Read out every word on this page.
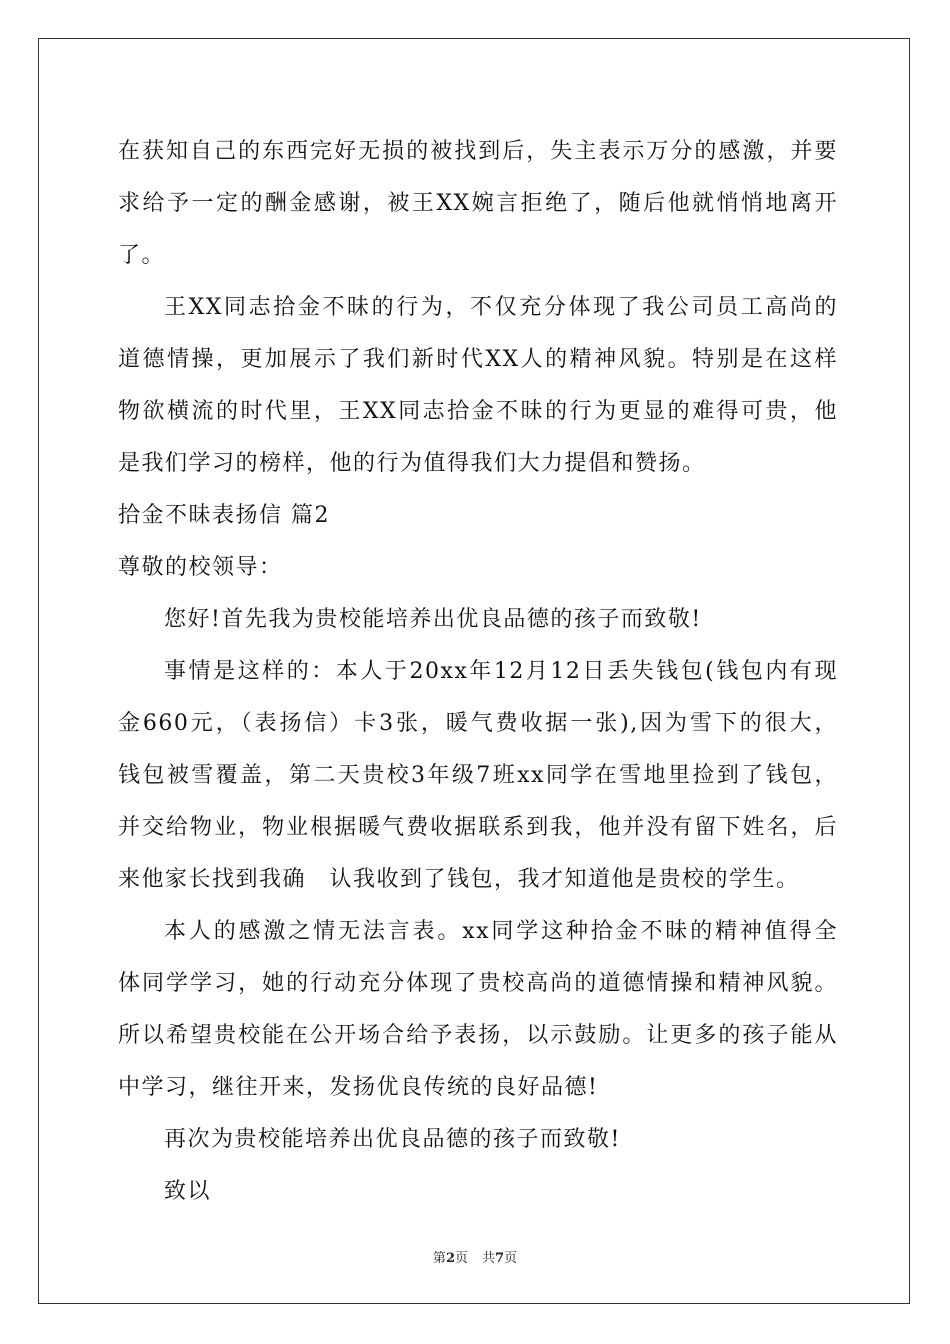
在获知自己的东西完好无损的被找到后，失主表示万分的感激，并要
求给予一定的酬金感谢，被王XX婉言拒绝了，随后他就悄悄地离开
了。
王XX同志拾金不昧的行为，不仅充分体现了我公司员工高尚的
道德情操，更加展示了我们新时代XX人的精神风貌。特别是在这样
物欲横流的时代里，王XX同志拾金不昧的行为更显的难得可贵，他
是我们学习的榜样，他的行为值得我们大力提倡和赞扬。
拾金不昧表扬信 篇2
尊敬的校领导：
您好!首先我为贵校能培养出优良品德的孩子而致敬!
事情是这样的：本人于20xx年12月12日丢失钱包(钱包内有现
金660元，（表扬信）卡3张，暖气费收据一张),因为雪下的很大，
钱包被雪覆盖，第二天贵校3年级7班xx同学在雪地里捡到了钱包，
并交给物业，物业根据暖气费收据联系到我，他并没有留下姓名，后
来他家长找到我确　认我收到了钱包，我才知道他是贵校的学生。
本人的感激之情无法言表。xx同学这种拾金不昧的精神值得全
体同学学习，她的行动充分体现了贵校高尚的道德情操和精神风貌。
所以希望贵校能在公开场合给予表扬，以示鼓励。让更多的孩子能从
中学习，继往开来，发扬优良传统的良好品德!
再次为贵校能培养出优良品德的孩子而致敬!
致以
第2页 共7页
